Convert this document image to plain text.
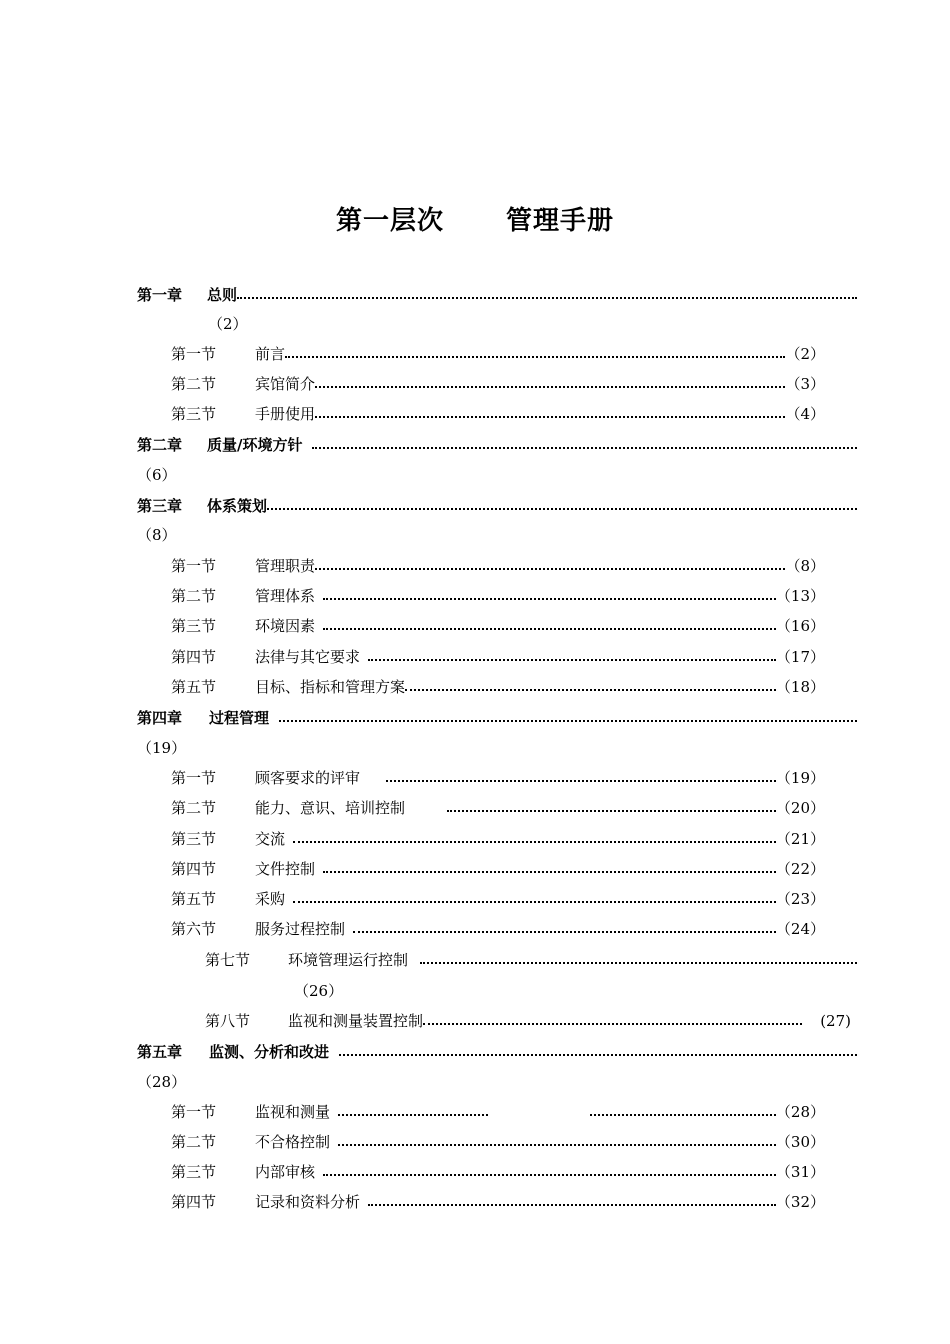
第一层次 管理手册
第一章	总则
（2）
第一节	前言	（2）
第二节	宾馆简介	（3）
第三节	手册使用	（4）
第二章	质量/环境方针
（6）
第三章	体系策划
（8）
第一节	管理职责	（8）
第二节	管理体系	（13）
第三节	环境因素	（16）
第四节	法律与其它要求	（17）
第五节	目标、指标和管理方案	（18）
第四章	过程管理
（19）
第一节	顾客要求的评审	（19）
第二节	能力、意识、培训控制	（20）
第三节	交流	（21）
第四节	文件控制	（22）
第五节	采购	（23）
第六节	服务过程控制	（24）
第七节	环境管理运行控制
（26）
第八节	监视和测量装置控制	(27)
第五章	监测、分析和改进
（28）
第一节	监视和测量	（28）
第二节	不合格控制	（30）
第三节	内部审核	（31）
第四节	记录和资料分析	（32）
